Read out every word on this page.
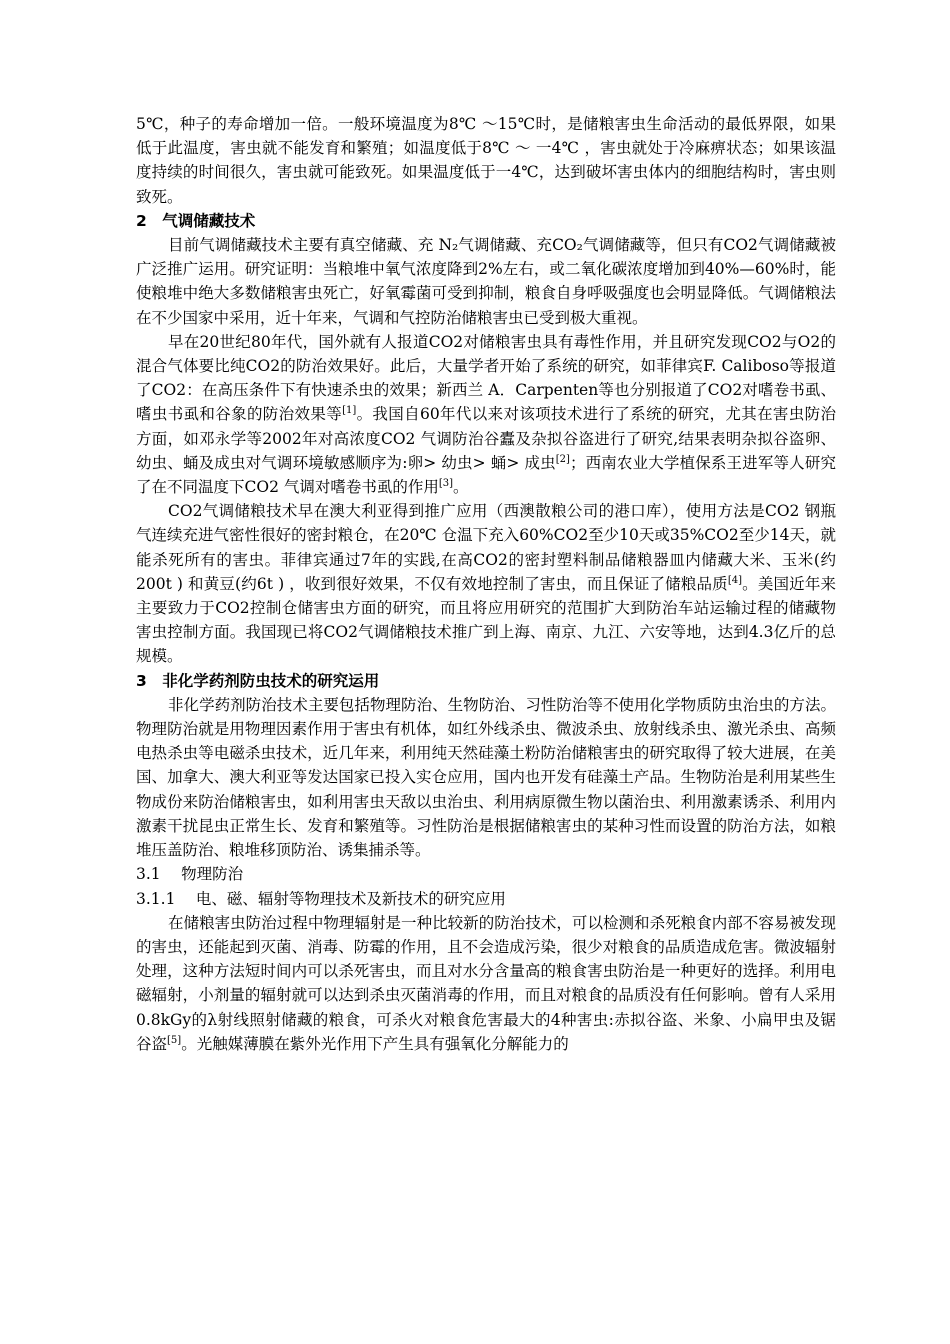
5℃，种子的寿命增加一倍。一般环境温度为8℃ ～15℃时，是储粮害虫生命活动的最低界限，如果低于此温度，害虫就不能发育和繁殖；如温度低于8℃ ～ 一4℃ ，害虫就处于冷麻痹状态；如果该温度持续的时间很久，害虫就可能致死。如果温度低于一4℃，达到破坏害虫体内的细胞结构时，害虫则致死。

2　气调储藏技术

目前气调储藏技术主要有真空储藏、充 N₂气调储藏、充CO₂气调储藏等，但只有CO2气调储藏被广泛推广运用。研究证明：当粮堆中氧气浓度降到2%左右，或二氧化碳浓度增加到40%—60%时，能使粮堆中绝大多数储粮害虫死亡，好氧霉菌可受到抑制，粮食自身呼吸强度也会明显降低。气调储粮法在不少国家中采用，近十年来，气调和气控防治储粮害虫已受到极大重视。

早在20世纪80年代，国外就有人报道CO2对储粮害虫具有毒性作用，并且研究发现CO2与O2的混合气体要比纯CO2的防治效果好。此后，大量学者开始了系统的研究，如菲律宾F. Caliboso等报道了CO2：在高压条件下有快速杀虫的效果；新西兰 A．Carpenten等也分别报道了CO2对嗜卷书虱、嗜虫书虱和谷象的防治效果等[1]。我国自60年代以来对该项技术进行了系统的研究，尤其在害虫防治方面，如邓永学等2002年对高浓度CO2 气调防治谷蠹及杂拟谷盗进行了研究,结果表明杂拟谷盗卵、幼虫、蛹及成虫对气调环境敏感顺序为:卵> 幼虫> 蛹> 成虫[2]；西南农业大学植保系王进军等人研究了在不同温度下CO2 气调对嗜卷书虱的作用[3]。

CO2气调储粮技术早在澳大利亚得到推广应用（西澳散粮公司的港口库），使用方法是CO2 钢瓶气连续充进气密性很好的密封粮仓，在20℃ 仓温下充入60%CO2至少10天或35%CO2至少14天，就能杀死所有的害虫。菲律宾通过7年的实践,在高CO2的密封塑料制品储粮器皿内储藏大米、玉米(约200t ) 和黄豆(约6t ) ，收到很好效果，不仅有效地控制了害虫，而且保证了储粮品质[4]。美国近年来主要致力于CO2控制仓储害虫方面的研究，而且将应用研究的范围扩大到防治车站运输过程的储藏物害虫控制方面。我国现已将CO2气调储粮技术推广到上海、南京、九江、六安等地，达到4.3亿斤的总规模。

3　非化学药剂防虫技术的研究运用

非化学药剂防治技术主要包括物理防治、生物防治、习性防治等不使用化学物质防虫治虫的方法。物理防治就是用物理因素作用于害虫有机体，如红外线杀虫、微波杀虫、放射线杀虫、激光杀虫、高频电热杀虫等电磁杀虫技术，近几年来，利用纯天然硅藻土粉防治储粮害虫的研究取得了较大进展，在美国、加拿大、澳大利亚等发达国家已投入实仓应用，国内也开发有硅藻土产品。生物防治是利用某些生物成份来防治储粮害虫，如利用害虫天敌以虫治虫、利用病原微生物以菌治虫、利用激素诱杀、利用内激素干扰昆虫正常生长、发育和繁殖等。习性防治是根据储粮害虫的某种习性而设置的防治方法，如粮堆压盖防治、粮堆移顶防治、诱集捕杀等。

3.1　 物理防治

3.1.1　 电、磁、辐射等物理技术及新技术的研究应用

在储粮害虫防治过程中物理辐射是一种比较新的防治技术，可以检测和杀死粮食内部不容易被发现的害虫，还能起到灭菌、消毒、防霉的作用，且不会造成污染，很少对粮食的品质造成危害。微波辐射处理，这种方法短时间内可以杀死害虫，而且对水分含量高的粮食害虫防治是一种更好的选择。利用电磁辐射，小剂量的辐射就可以达到杀虫灭菌消毒的作用，而且对粮食的品质没有任何影响。曾有人采用0.8kGy的λ射线照射储藏的粮食，可杀火对粮食危害最大的4种害虫:赤拟谷盗、米象、小扁甲虫及锯谷盗[5]。光触媒薄膜在紫外光作用下产生具有强氧化分解能力的
